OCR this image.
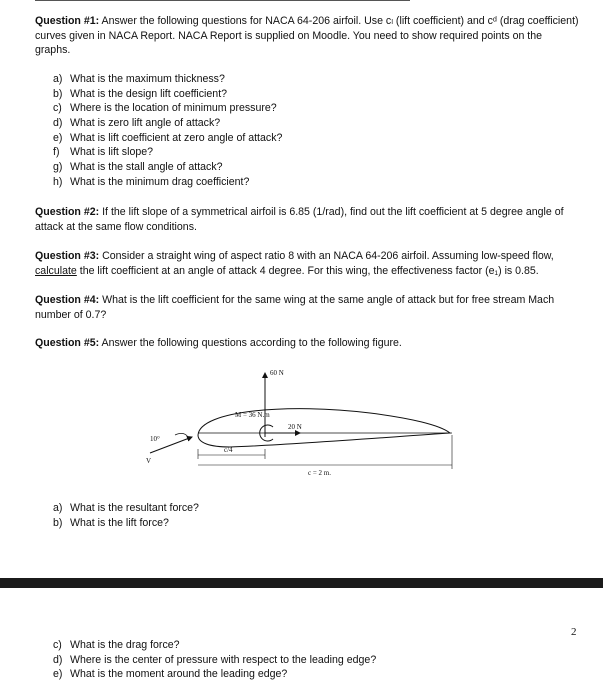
Question #1: Answer the following questions for NACA 64-206 airfoil. Use cₗ (lift coefficient) and cᵈ (drag coefficient) curves given in NACA Report. NACA Report is supplied on Moodle. You need to show required points on the graphs.

a) What is the maximum thickness?
b) What is the design lift coefficient?
c) Where is the location of minimum pressure?
d) What is zero lift angle of attack?
e) What is lift coefficient at zero angle of attack?
f) What is lift slope?
g) What is the stall angle of attack?
h) What is the minimum drag coefficient?

Question #2: If the lift slope of a symmetrical airfoil is 6.85 (1/rad), find out the lift coefficient at 5 degree angle of attack at the same flow conditions.

Question #3: Consider a straight wing of aspect ratio 8 with an NACA 64-206 airfoil. Assuming low-speed flow, calculate the lift coefficient at an angle of attack 4 degree. For this wing, the effectiveness factor (e₁) is 0.85.

Question #4: What is the lift coefficient for the same wing at the same angle of attack but for free stream Mach number of 0.7?

Question #5: Answer the following questions according to the following figure.

60 N
M = 36 N.m
20 N
10°
V
c/4
c = 2 m.
a) What is the resultant force?
b) What is the lift force?
2
c) What is the drag force?
d) Where is the center of pressure with respect to the leading edge?
e) What is the moment around the leading edge?
